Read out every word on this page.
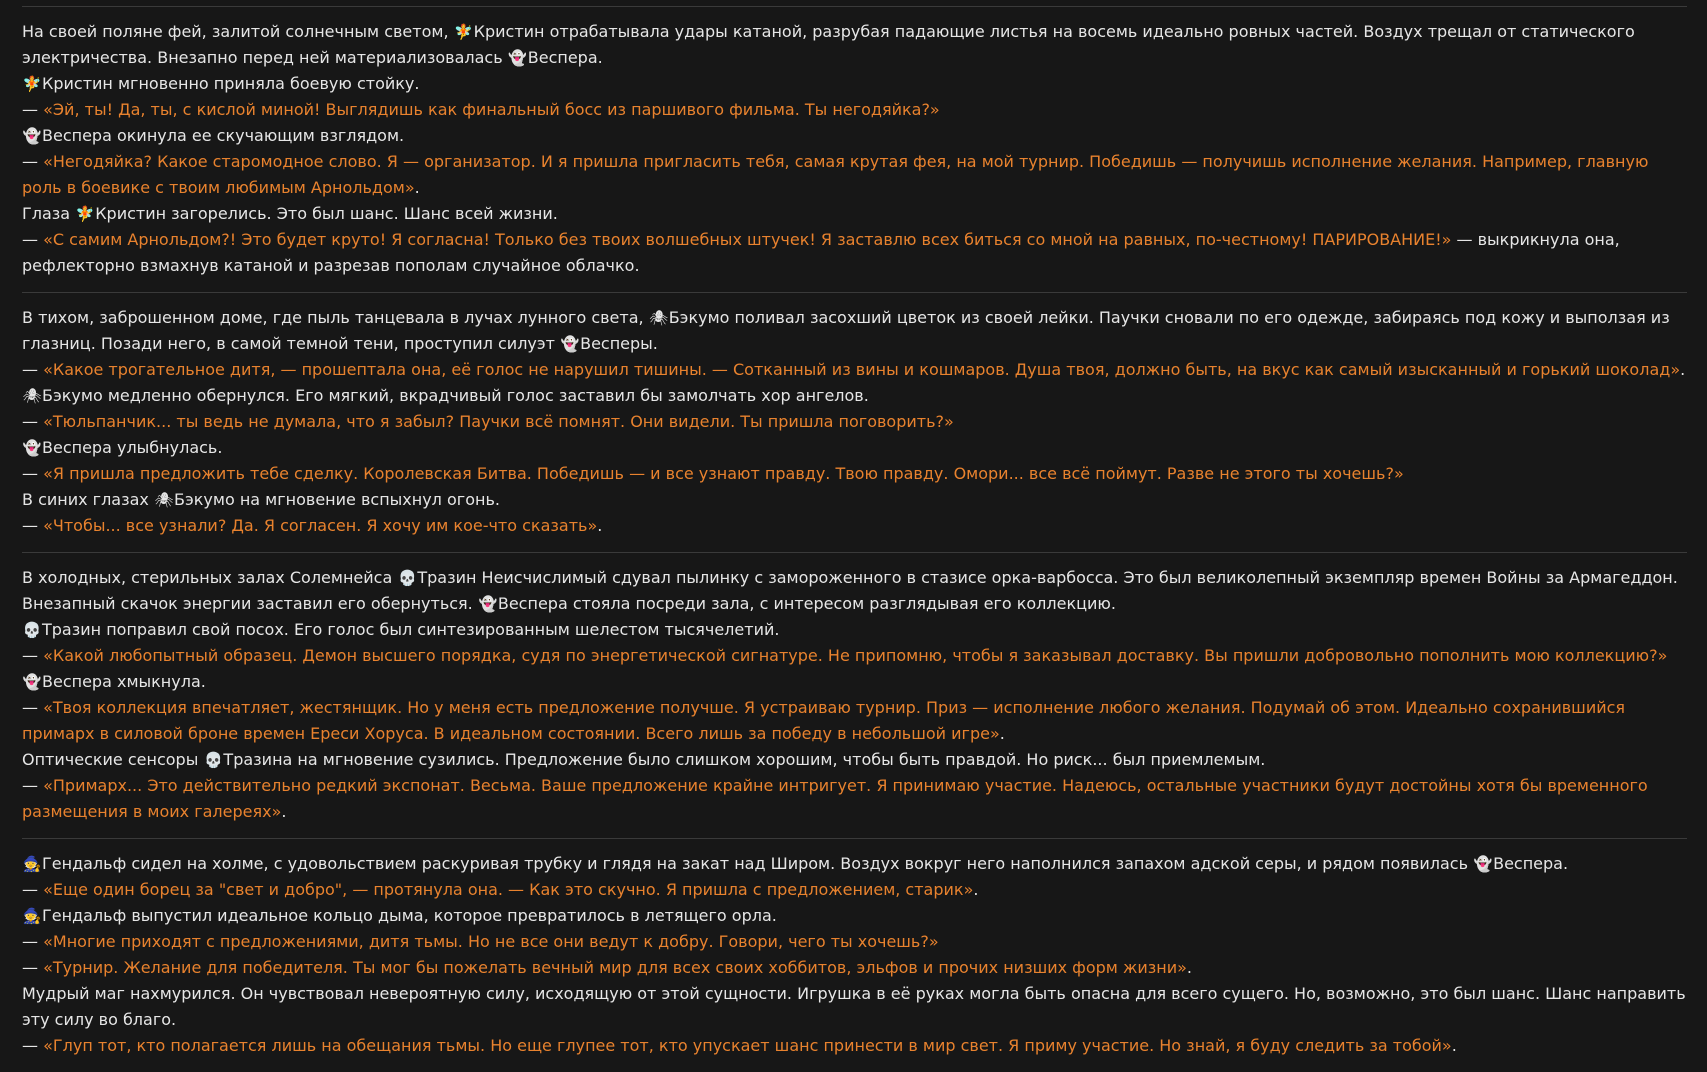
На своей поляне фей, залитой солнечным светом, 🧚Кристин отрабатывала удары катаной, разрубая падающие листья на восемь идеально ровных частей. Воздух трещал от статического электричества. Внезапно перед ней материализовалась 👻Веспера.
🧚Кристин мгновенно приняла боевую стойку.
— «Эй, ты! Да, ты, с кислой миной! Выглядишь как финальный босс из паршивого фильма. Ты негодяйка?»
👻Веспера окинула ее скучающим взглядом.
— «Негодяйка? Какое старомодное слово. Я — организатор. И я пришла пригласить тебя, самая крутая фея, на мой турнир. Победишь — получишь исполнение желания. Например, главную роль в боевике с твоим любимым Арнольдом».
Глаза 🧚Кристин загорелись. Это был шанс. Шанс всей жизни.
— «С самим Арнольдом?! Это будет круто! Я согласна! Только без твоих волшебных штучек! Я заставлю всех биться со мной на равных, по-честному! ПАРИРОВАНИЕ!» — выкрикнула она, рефлекторно взмахнув катаной и разрезав пополам случайное облачко.
В тихом, заброшенном доме, где пыль танцевала в лучах лунного света, 🕷Бэкумо поливал засохший цветок из своей лейки. Паучки сновали по его одежде, забираясь под кожу и выползая из глазниц. Позади него, в самой темной тени, проступил силуэт 👻Весперы.
— «Какое трогательное дитя, — прошептала она, её голос не нарушил тишины. — Сотканный из вины и кошмаров. Душа твоя, должно быть, на вкус как самый изысканный и горький шоколад».
🕷Бэкумо медленно обернулся. Его мягкий, вкрадчивый голос заставил бы замолчать хор ангелов.
— «Тюльпанчик... ты ведь не думала, что я забыл? Паучки всё помнят. Они видели. Ты пришла поговорить?»
👻Веспера улыбнулась.
— «Я пришла предложить тебе сделку. Королевская Битва. Победишь — и все узнают правду. Твою правду. Омори... все всё поймут. Разве не этого ты хочешь?»
В синих глазах 🕷Бэкумо на мгновение вспыхнул огонь.
— «Чтобы... все узнали? Да. Я согласен. Я хочу им кое-что сказать».
В холодных, стерильных залах Солемнейса 💀Тразин Неисчислимый сдувал пылинку с замороженного в стазисе орка-варбосса. Это был великолепный экземпляр времен Войны за Армагеддон. Внезапный скачок энергии заставил его обернуться. 👻Веспера стояла посреди зала, с интересом разглядывая его коллекцию.
💀Тразин поправил свой посох. Его голос был синтезированным шелестом тысячелетий.
— «Какой любопытный образец. Демон высшего порядка, судя по энергетической сигнатуре. Не припомню, чтобы я заказывал доставку. Вы пришли добровольно пополнить мою коллекцию?»
👻Веспера хмыкнула.
— «Твоя коллекция впечатляет, жестянщик. Но у меня есть предложение получше. Я устраиваю турнир. Приз — исполнение любого желания. Подумай об этом. Идеально сохранившийся примарх в силовой броне времен Ереси Хоруса. В идеальном состоянии. Всего лишь за победу в небольшой игре».
Оптические сенсоры 💀Тразина на мгновение сузились. Предложение было слишком хорошим, чтобы быть правдой. Но риск... был приемлемым.
— «Примарх... Это действительно редкий экспонат. Весьма. Ваше предложение крайне интригует. Я принимаю участие. Надеюсь, остальные участники будут достойны хотя бы временного размещения в моих галереях».
🧙Гендальф сидел на холме, с удовольствием раскуривая трубку и глядя на закат над Широм. Воздух вокруг него наполнился запахом адской серы, и рядом появилась 👻Веспера.
— «Еще один борец за "свет и добро", — протянула она. — Как это скучно. Я пришла с предложением, старик».
🧙Гендальф выпустил идеальное кольцо дыма, которое превратилось в летящего орла.
— «Многие приходят с предложениями, дитя тьмы. Но не все они ведут к добру. Говори, чего ты хочешь?»
— «Турнир. Желание для победителя. Ты мог бы пожелать вечный мир для всех своих хоббитов, эльфов и прочих низших форм жизни».
Мудрый маг нахмурился. Он чувствовал невероятную силу, исходящую от этой сущности. Игрушка в её руках могла быть опасна для всего сущего. Но, возможно, это был шанс. Шанс направить эту силу во благо.
— «Глуп тот, кто полагается лишь на обещания тьмы. Но еще глупее тот, кто упускает шанс принести в мир свет. Я приму участие. Но знай, я буду следить за тобой».
